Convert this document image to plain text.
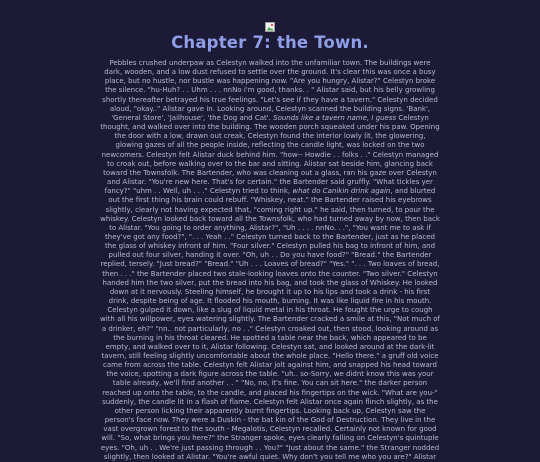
Chapter 7: the Town.

Pebbles crushed underpaw as Celestyn walked into the unfamiliar town. The buildings were dark, wooden, and a low dust refused to settle over the ground. It's clear this was once a busy place, but no hustle, nor bustle was happening now. "Are you hungry, Alistar?" Celestyn broke the silence. "hu-Huh? . . Uhm . . . nnNo i'm good, thanks. . " Alistar said, but his belly growling shortly thereafter betrayed his true feelings. "Let's see if they have a tavern." Celestyn decided aloud, "okay.." Alistar gave in. Looking around, Celestyn scanned the building signs. 'Bank', 'General Store', 'Jailhouse', 'the Dog and Cat'. Sounds like a tavern name, I guess Celestyn thought, and walked over into the building. The wooden porch squeaked under his paw. Opening the door with a low, drawn out creak, Celestyn found the interior lowly lit, the glowering, glowing gazes of all the people inside, reflecting the candle light, was locked on the two newcomers. Celestyn felt Alistar duck behind him. "how-- Howdie . . folks . ." Celestyn managed to croak out, before walking over to the bar and sitting. Alistar sat beside him, glancing back toward the Townsfolk. The Bartender, who was cleaning out a glass, ran his gaze over Celestyn and Alistar. "You're new here. That's for certain." the Bartender said gruffly. "What tickles yer fancy?" "uhm . . Well, uh . . ." Celestyn tried to think, what do Canikin drink again, and blurted out the first thing his brain could rebuff. "Whiskey, neat." the Bartender raised his eyebrows slightly, clearly not having expected that, "coming right up." he said, then turned, to pour the whiskey. Celestyn looked back toward all the Townsfolk, who had turned away by now, then back to Alistar. "You going to order anything, Alistar?", "Uh . . . . nnNo. . .", "You want me to ask if they've got any food?", ". . . Yeah . ." Celestyn turned back to the Bartender, just as he placed the glass of whiskey infront of him. "Four silver." Celestyn pulled his bag to infront of him, and pulled out four silver, handing it over. "Oh, uh . . Do you have food?" "Bread." the Bartender replied, tersely. "Just bread?" "Bread." "Uh . . . Loaves of bread?" "Yes." ". . . Two loaves of bread, then . . ." the Bartender placed two stale-looking loaves onto the counter. "Two silver." Celestyn handed him the two silver, put the bread into his bag, and took the glass of Whiskey. He looked down at it nervously. Steeling himself, he brought it up to his lips and took a drink - his first drink, despite being of age. It flooded his mouth, burning. It was like liquid fire in his mouth. Celestyn gulped it down, like a slug of liquid metal in his throat. He fought the urge to cough with all his willpower, eyes watering slightly. The Bartender cracked a smile at this, "Not much of a drinker, eh?" "nn.. not particularly, no . ." Celestyn croaked out, then stood, looking around as the burning in his throat cleared. He spotted a table near the back, which appeared to be empty, and walked over to it, Alistar following. Celestyn sat, and looked around at the dark-lit tavern, still feeling slightly uncomfortable about the whole place. "Hello there." a gruff old voice came from across the table. Celestyn felt Alistar jolt against him, and snapped his head toward the voice, spotting a dark figure across the table. "uh.. so-Sorry, we didnt know this was your table already, we'll find another . . " "No, no, it's fine. You can sit here." the darker person reached up onto the table, to the candle, and placed his fingertips on the wick. "What are you-" suddenly, the candle lit in a flash of flame. Celestyn felt Alistar once again flinch slightly, as the other person licking their apparently burnt fingertips. Looking back up, Celestyn saw the person's face now. They were a Duskin - the bat kin of the God of Destruction. They live in the vast overgrown forest to the south - Megalotis, Celestyn recalled. Certainly not known for good will. "So, what brings you here?" the Stranger spoke, eyes clearly falling on Celestyn's quintuple eyes. "Oh, uh . . We're just passing through . . You?" "Just about the same." the Stranger nodded slightly, then looked at Alistar. "You're awful quiet. Why don't you tell me who you are?" Alistar
